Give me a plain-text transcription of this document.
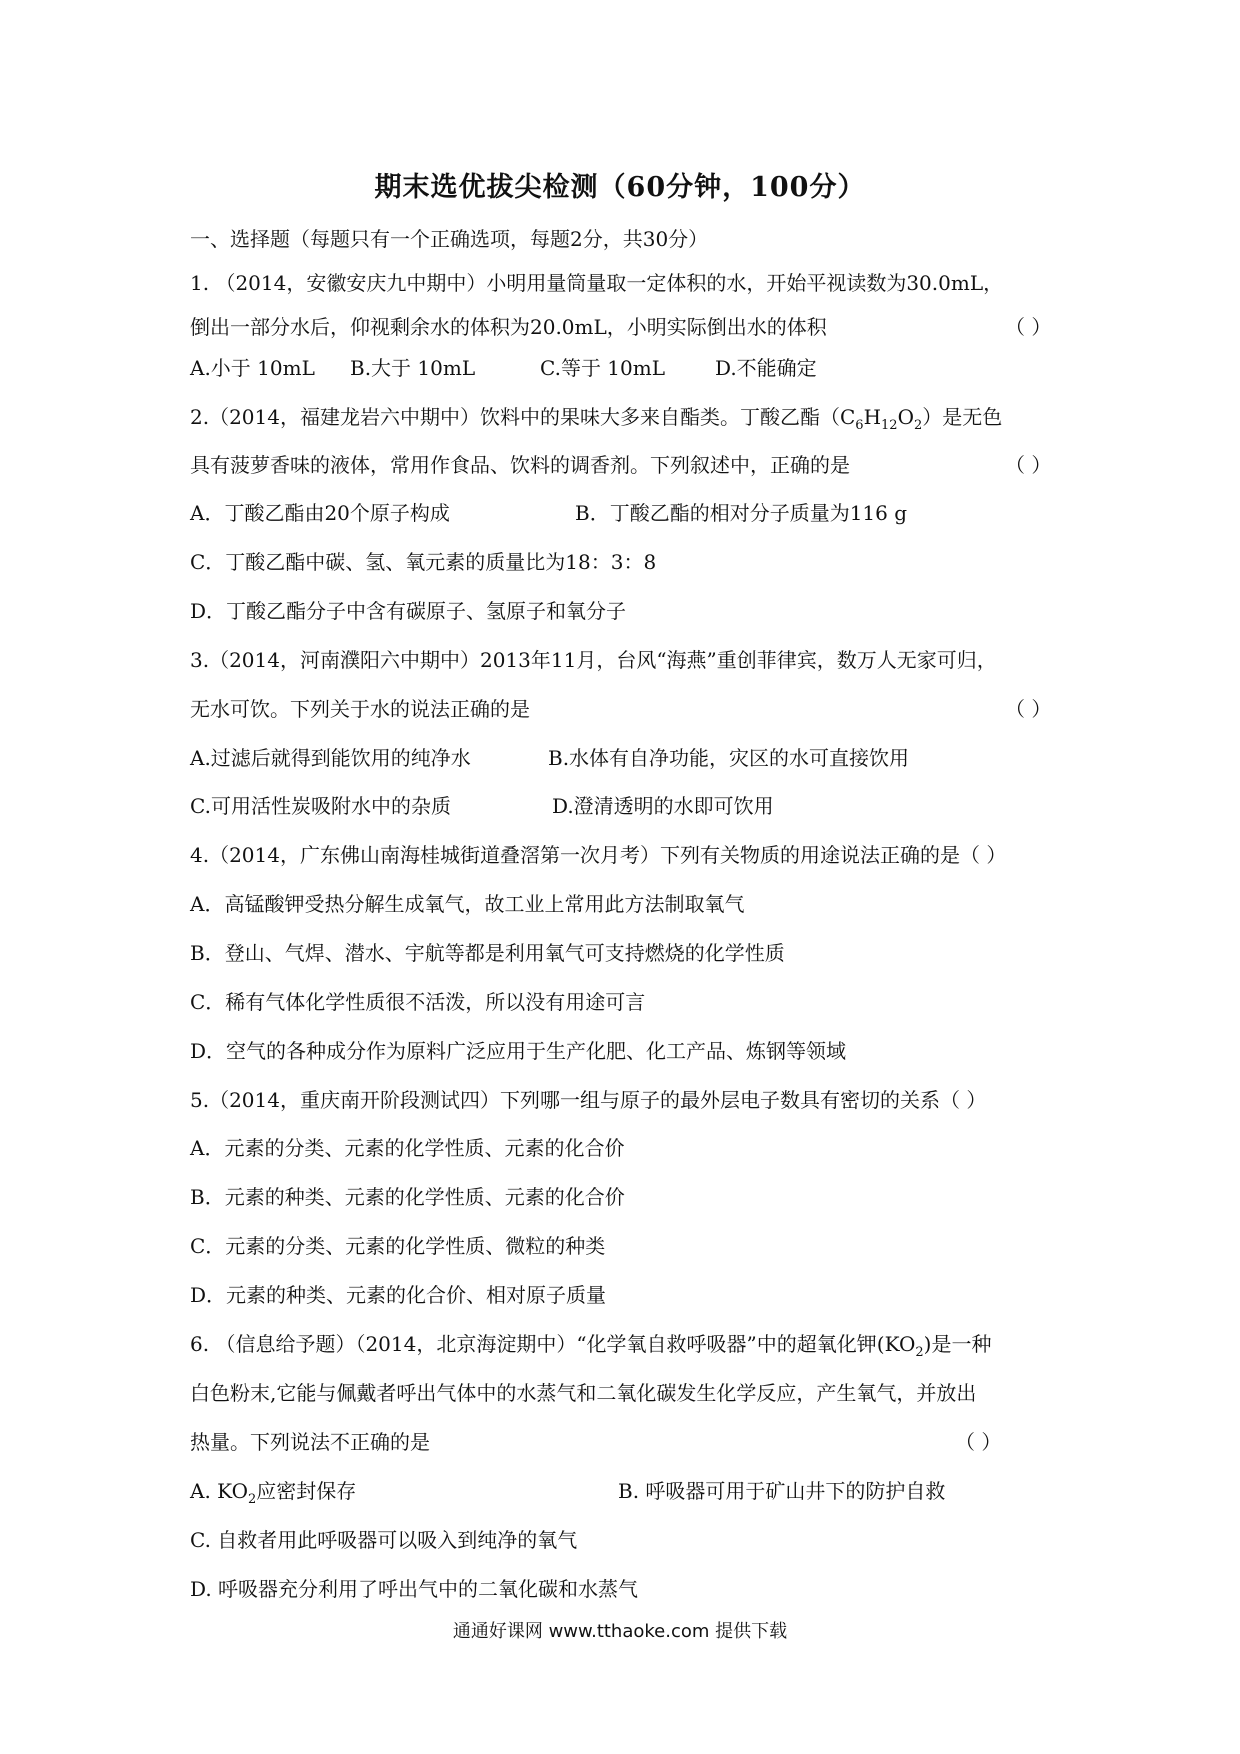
期末选优拔尖检测（60分钟，100分）
一、选择题（每题只有一个正确选项，每题2分，共30分）
1. （2014，安徽安庆九中期中）小明用量筒量取一定体积的水，开始平视读数为30.0mL，
倒出一部分水后，仰视剩余水的体积为20.0mL，小明实际倒出水的体积	（ ）
A.小于 10mL B.大于 10mL	C.等于 10mL	D.不能确定
2.（2014，福建龙岩六中期中）饮料中的果味大多来自酯类。丁酸乙酯$(C_6H_{12}O_2)$是无色
具有菠萝香味的液体，常用作食品、饮料的调香剂。下列叙述中，正确的是	（ ）
A．丁酸乙酯由20个原子构成	B．丁酸乙酯的相对分子质量为116 g
C．丁酸乙酯中碳、氢、氧元素的质量比为18：3：8
D．丁酸乙酯分子中含有碳原子、氢原子和氧分子
3.（2014，河南濮阳六中期中）2013年11月，台风“海燕”重创菲律宾，数万人无家可归，
无水可饮。下列关于水的说法正确的是	（ ）
A.过滤后就得到能饮用的纯净水	B.水体有自净功能，灾区的水可直接饮用
C.可用活性炭吸附水中的杂质	D.澄清透明的水即可饮用
4.（2014，广东佛山南海桂城街道叠滘第一次月考）下列有关物质的用途说法正确的是（ ）
A．高锰酸钾受热分解生成氧气，故工业上常用此方法制取氧气
B．登山、气焊、潜水、宇航等都是利用氧气可支持燃烧的化学性质
C．稀有气体化学性质很不活泼，所以没有用途可言
D．空气的各种成分作为原料广泛应用于生产化肥、化工产品、炼钢等领域
5.（2014，重庆南开阶段测试四）下列哪一组与原子的最外层电子数具有密切的关系（ ）
A．元素的分类、元素的化学性质、元素的化合价
B．元素的种类、元素的化学性质、元素的化合价
C．元素的分类、元素的化学性质、微粒的种类
D．元素的种类、元素的化合价、相对原子质量
6. （信息给予题）（2014，北京海淀期中）“化学氧自救呼吸器”中的超氧化钾$(KO_2)$是一种
白色粉末,它能与佩戴者呼出气体中的水蒸气和二氧化碳发生化学反应，产生氧气，并放出
热量。下列说法不正确的是	（ ）
A. $KO_2$应密封保存	B. 呼吸器可用于矿山井下的防护自救
C. 自救者用此呼吸器可以吸入到纯净的氧气
D. 呼吸器充分利用了呼出气中的二氧化碳和水蒸气
通通好课网 www.tthaoke.com 提供下载
